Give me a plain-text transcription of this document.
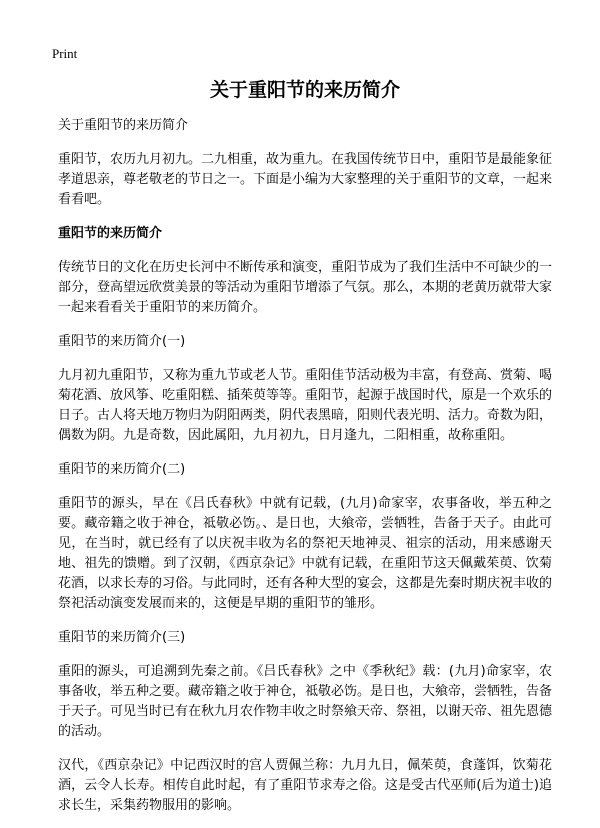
Print
关于重阳节的来历简介

关于重阳节的来历简介

重阳节，农历九月初九。二九相重，故为重九。在我国传统节日中，重阳节是最能象征孝道思亲，尊老敬老的节日之一。下面是小编为大家整理的关于重阳节的文章，一起来看看吧。

重阳节的来历简介

传统节日的文化在历史长河中不断传承和演变，重阳节成为了我们生活中不可缺少的一部分，登高望远欣赏美景的等活动为重阳节增添了气氛。那么，本期的老黄历就带大家一起来看看关于重阳节的来历简介。

重阳节的来历简介(一)

九月初九重阳节，又称为重九节或老人节。重阳佳节活动极为丰富，有登高、赏菊、喝菊花酒、放风筝、吃重阳糕、插茱萸等等。重阳节，起源于战国时代，原是一个欢乐的日子。古人将天地万物归为阴阳两类，阴代表黑暗，阳则代表光明、活力。奇数为阳，偶数为阴。九是奇数，因此属阳，九月初九，日月逢九，二阳相重，故称重阳。

重阳节的来历简介(二)

重阳节的源头，早在《吕氏春秋》中就有记载，(九月)命家宰，农事备收，举五种之要。藏帝籍之收于神仓，祗敬必饬。、是日也，大飨帝，尝牺牲，告备于天子。由此可见，在当时，就已经有了以庆祝丰收为名的祭祀天地神灵、祖宗的活动，用来感谢天地、祖先的馈赠。到了汉朝，《西京杂记》中就有记载，在重阳节这天佩戴茱萸、饮菊花酒，以求长寿的习俗。与此同时，还有各种大型的宴会，这都是先秦时期庆祝丰收的祭祀活动演变发展而来的，这便是早期的重阳节的雏形。

重阳节的来历简介(三)

重阳的源头，可追溯到先秦之前。《吕氏春秋》之中《季秋纪》载：(九月)命家宰，农事备收，举五种之要。藏帝籍之收于神仓，祗敬必饬。是日也，大飨帝，尝牺牲，告备于天子。可见当时已有在秋九月农作物丰收之时祭飨天帝、祭祖，以谢天帝、祖先恩德的活动。

汉代，《西京杂记》中记西汉时的宫人贾佩兰称：九月九日，佩茱萸，食蓬饵，饮菊花酒，云令人长寿。相传自此时起，有了重阳节求寿之俗。这是受古代巫师(后为道士)追求长生，采集药物服用的影响。
